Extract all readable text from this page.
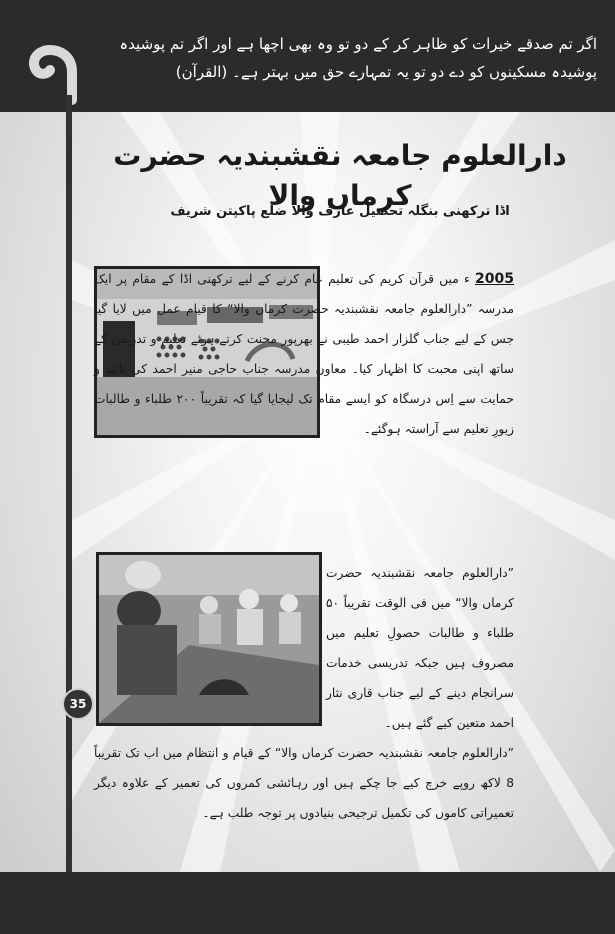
اگر تم صدقے خیرات کو ظاہر کر کے دو تو وہ بھی اچھا ہے اور اگر تم پوشیدہ پوشیدہ مسکینوں کو دے دو تو یہ تمہارے حق میں بہتر ہے۔ (القرآن)
دارالعلوم جامعہ نقشبندیہ حضرت کرماں والا
اڈا ترکھنی بنگلہ تحصیل عارف والا ضلع پاکپتن شریف
2005 ء میں قرآن کریم کی تعلیم عام کرنے کے لیے ترکھنی اڈا کے مقام پر ایک مدرسہ ”دارالعلوم جامعہ نقشبندیہ حضرت کرماں والا“ کا قیام عمل میں لایا گیا جس کے لیے جناب گلزار احمد طیبی نے بھرپور محنت کرتے ہوئے تعلیم و تدریس کے ساتھ اپنی محبت کا اظہار کیا۔ معاون مدرسہ جناب حاجی منیر احمد کی تائید و حمایت سے اِس درسگاہ کو ایسے مقام تک لیجایا گیا کہ تقریباً ۲۰۰ طلباء و طالبات زیورِ تعلیم سے آراستہ ہوگئے۔
”دارالعلوم جامعہ نقشبندیہ حضرت کرماں والا“ میں فی الوقت تقریباً ۵۰ طلباء و طالبات حصولِ تعلیم میں مصروف ہیں جبکہ تدریسی خدمات سرانجام دینے کے لیے جناب قاری نثار احمد متعین کیے گئے ہیں۔
”دارالعلوم جامعہ نقشبندیہ حضرت کرماں والا“ کے قیام و انتظام میں اب تک تقریباً 8 لاکھ روپے خرچ کیے جا چکے ہیں اور رہائشی کمروں کی تعمیر کے علاوہ دیگر تعمیراتی کاموں کی تکمیل ترجیحی بنیادوں پر توجہ طلب ہے۔
35
